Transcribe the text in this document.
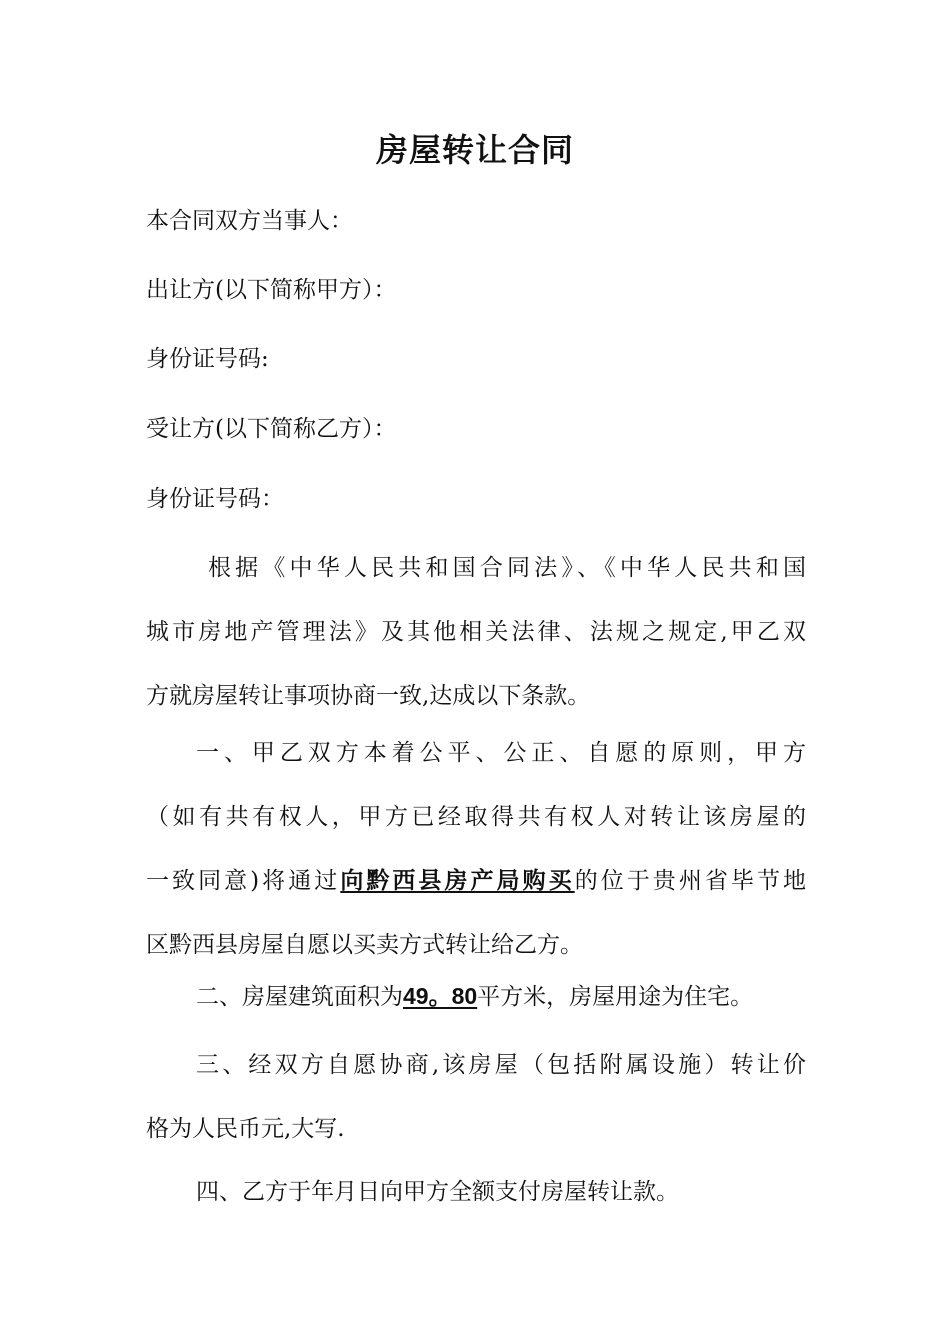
房屋转让合同
本合同双方当事人：
出让方(以下简称甲方）：
身份证号码:
受让方(以下简称乙方）：
身份证号码：
根据《中华人民共和国合同法》、《中华人民共和国
城市房地产管理法》及其他相关法律、法规之规定,甲乙双
方就房屋转让事项协商一致,达成以下条款。
一、甲乙双方本着公平、公正、自愿的原则，甲方
（如有共有权人，甲方已经取得共有权人对转让该房屋的
一致同意)将通过向黔西县房产局购买的位于贵州省毕节地
区黔西县房屋自愿以买卖方式转让给乙方。
二、房屋建筑面积为49。80平方米，房屋用途为住宅。
三、经双方自愿协商,该房屋（包括附属设施）转让价
格为人民币元,大写.
四、乙方于年月日向甲方全额支付房屋转让款。
